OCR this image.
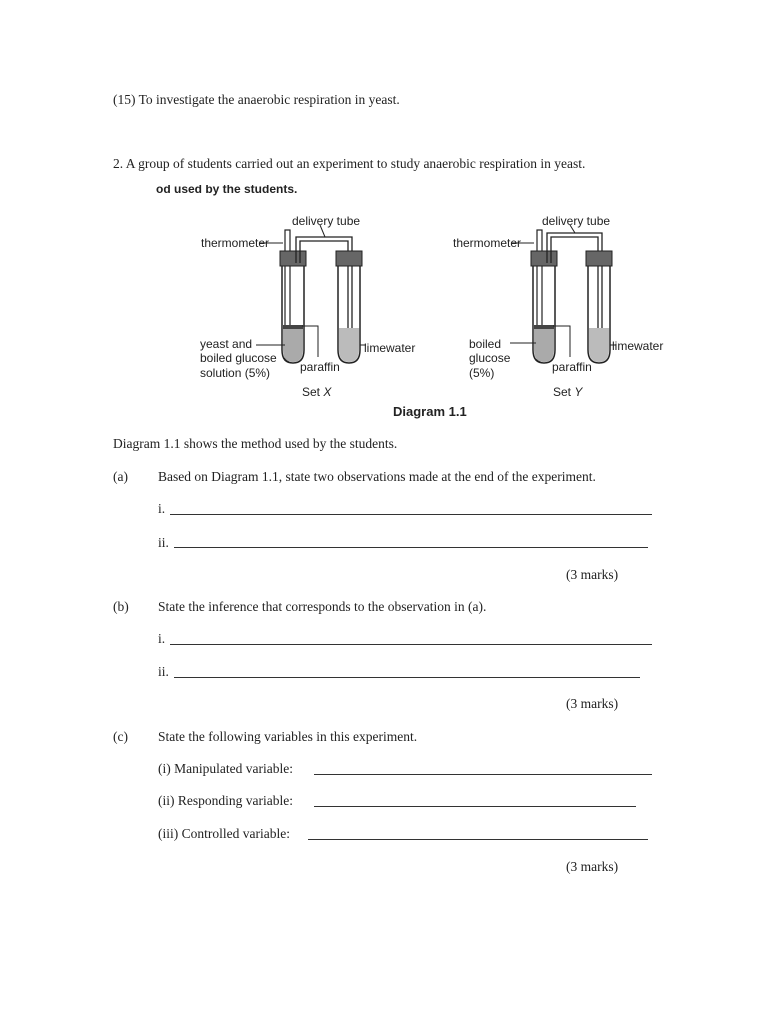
(15) To investigate the anaerobic respiration in yeast.
2. A group of students carried out an experiment to study anaerobic respiration in yeast.
od used by the students.
delivery tube
thermometer
yeast and
boiled glucose
solution (5%) paraffin
limewater
Set X
delivery tube
thermometer
boiled
glucose
(5%)	paraffin
limewater
Set Y
Diagram 1.1
Diagram 1.1 shows the method used by the students.
(a) Based on Diagram 1.1, state two observations made at the end of the experiment.
i.
ii.
(3 marks)
(b) State the inference that corresponds to the observation in (a).
i.
ii.
(3 marks)
(c) State the following variables in this experiment.
(i) Manipulated variable:
(ii) Responding variable:
(iii) Controlled variable:
(3 marks)
